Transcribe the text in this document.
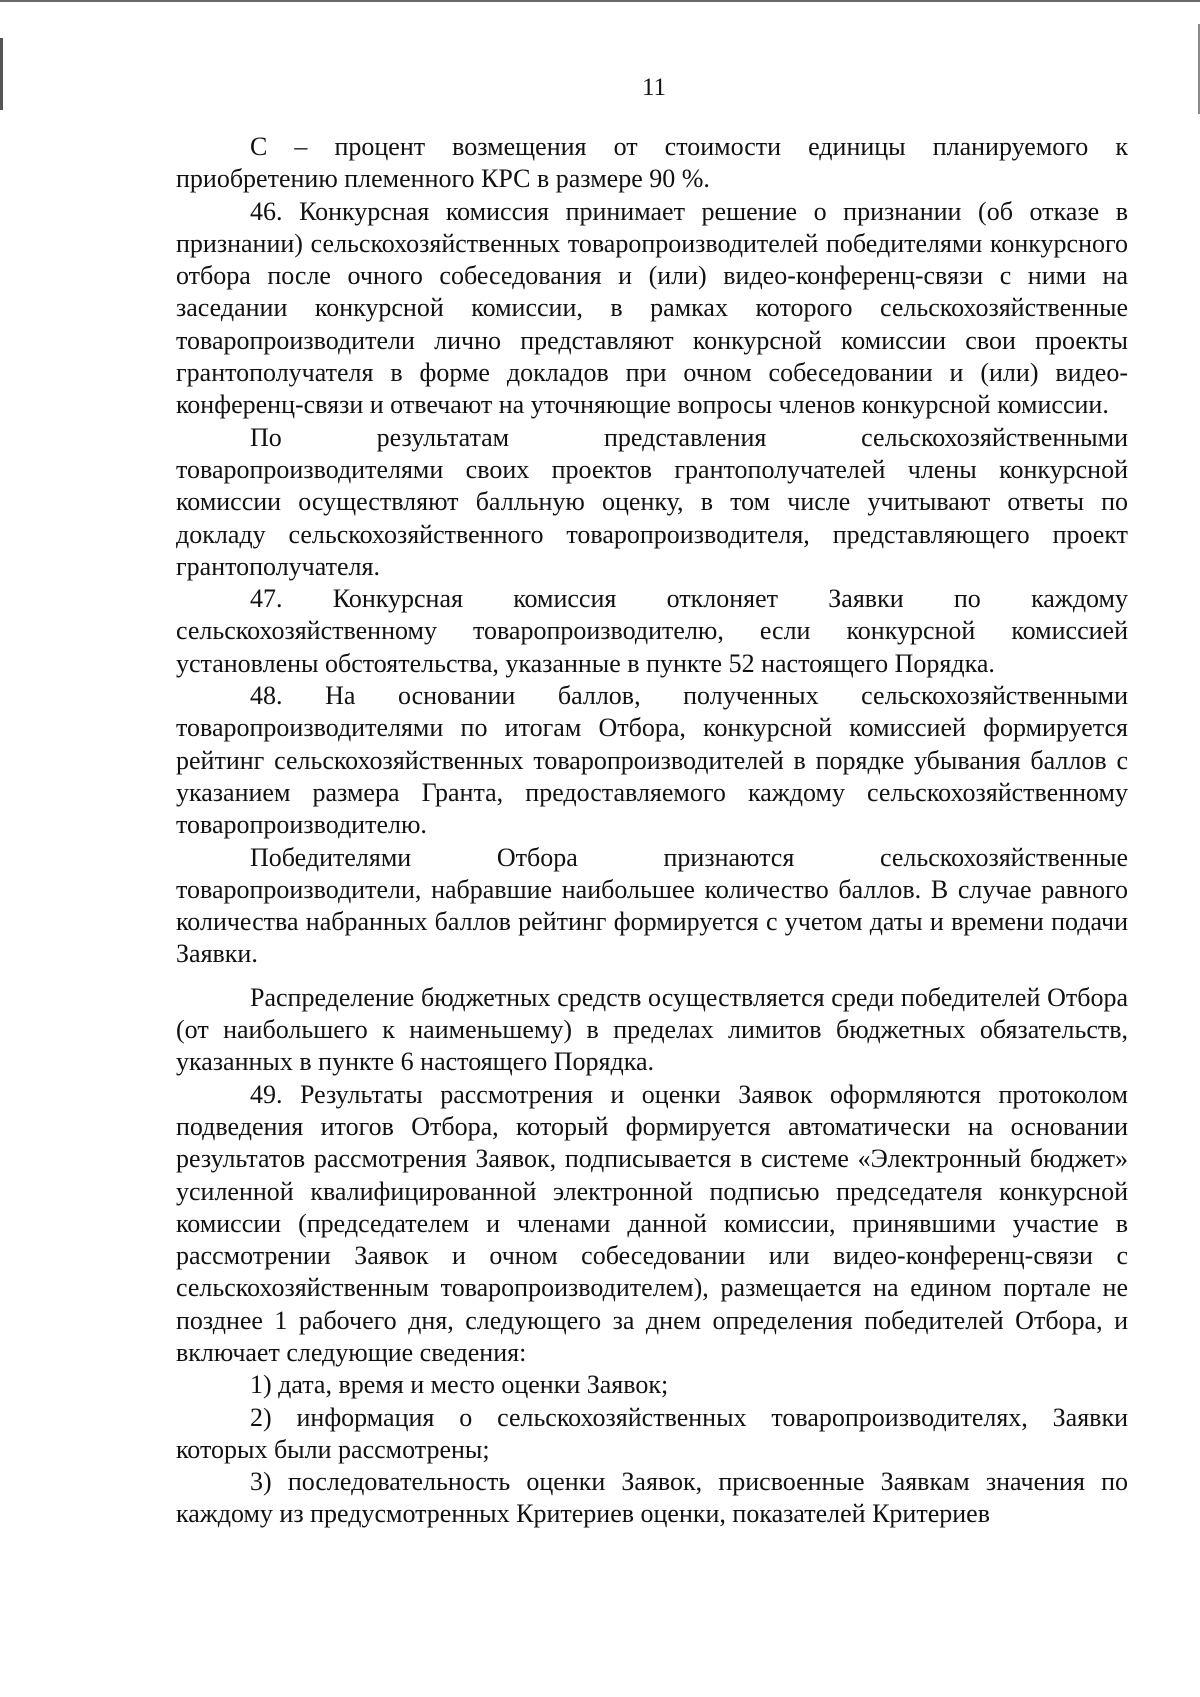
11

С – процент возмещения от стоимости единицы планируемого к приобретению племенного КРС в размере 90 %.

46. Конкурсная комиссия принимает решение о признании (об отказе в признании) сельскохозяйственных товаропроизводителей победителями конкурсного отбора после очного собеседования и (или) видео-конференц-связи с ними на заседании конкурсной комиссии, в рамках которого сельскохозяйственные товаропроизводители лично представляют конкурсной комиссии свои проекты грантополучателя в форме докладов при очном собеседовании и (или) видео-конференц-связи и отвечают на уточняющие вопросы членов конкурсной комиссии.

По результатам представления сельскохозяйственными товаропроизводителями своих проектов грантополучателей члены конкурсной комиссии осуществляют балльную оценку, в том числе учитывают ответы по докладу сельскохозяйственного товаропроизводителя, представляющего проект грантополучателя.

47. Конкурсная комиссия отклоняет Заявки по каждому сельскохозяйственному товаропроизводителю, если конкурсной комиссией установлены обстоятельства, указанные в пункте 52 настоящего Порядка.

48. На основании баллов, полученных сельскохозяйственными товаропроизводителями по итогам Отбора, конкурсной комиссией формируется рейтинг сельскохозяйственных товаропроизводителей в порядке убывания баллов с указанием размера Гранта, предоставляемого каждому сельскохозяйственному товаропроизводителю.

Победителями Отбора признаются сельскохозяйственные товаропроизводители, набравшие наибольшее количество баллов. В случае равного количества набранных баллов рейтинг формируется с учетом даты и времени подачи Заявки.

Распределение бюджетных средств осуществляется среди победителей Отбора (от наибольшего к наименьшему) в пределах лимитов бюджетных обязательств, указанных в пункте 6 настоящего Порядка.

49. Результаты рассмотрения и оценки Заявок оформляются протоколом подведения итогов Отбора, который формируется автоматически на основании результатов рассмотрения Заявок, подписывается в системе «Электронный бюджет» усиленной квалифицированной электронной подписью председателя конкурсной комиссии (председателем и членами данной комиссии, принявшими участие в рассмотрении Заявок и очном собеседовании или видео-конференц-связи с сельскохозяйственным товаропроизводителем), размещается на едином портале не позднее 1 рабочего дня, следующего за днем определения победителей Отбора, и включает следующие сведения:

1) дата, время и место оценки Заявок;

2) информация о сельскохозяйственных товаропроизводителях, Заявки которых были рассмотрены;

3) последовательность оценки Заявок, присвоенные Заявкам значения по каждому из предусмотренных Критериев оценки, показателей Критериев
